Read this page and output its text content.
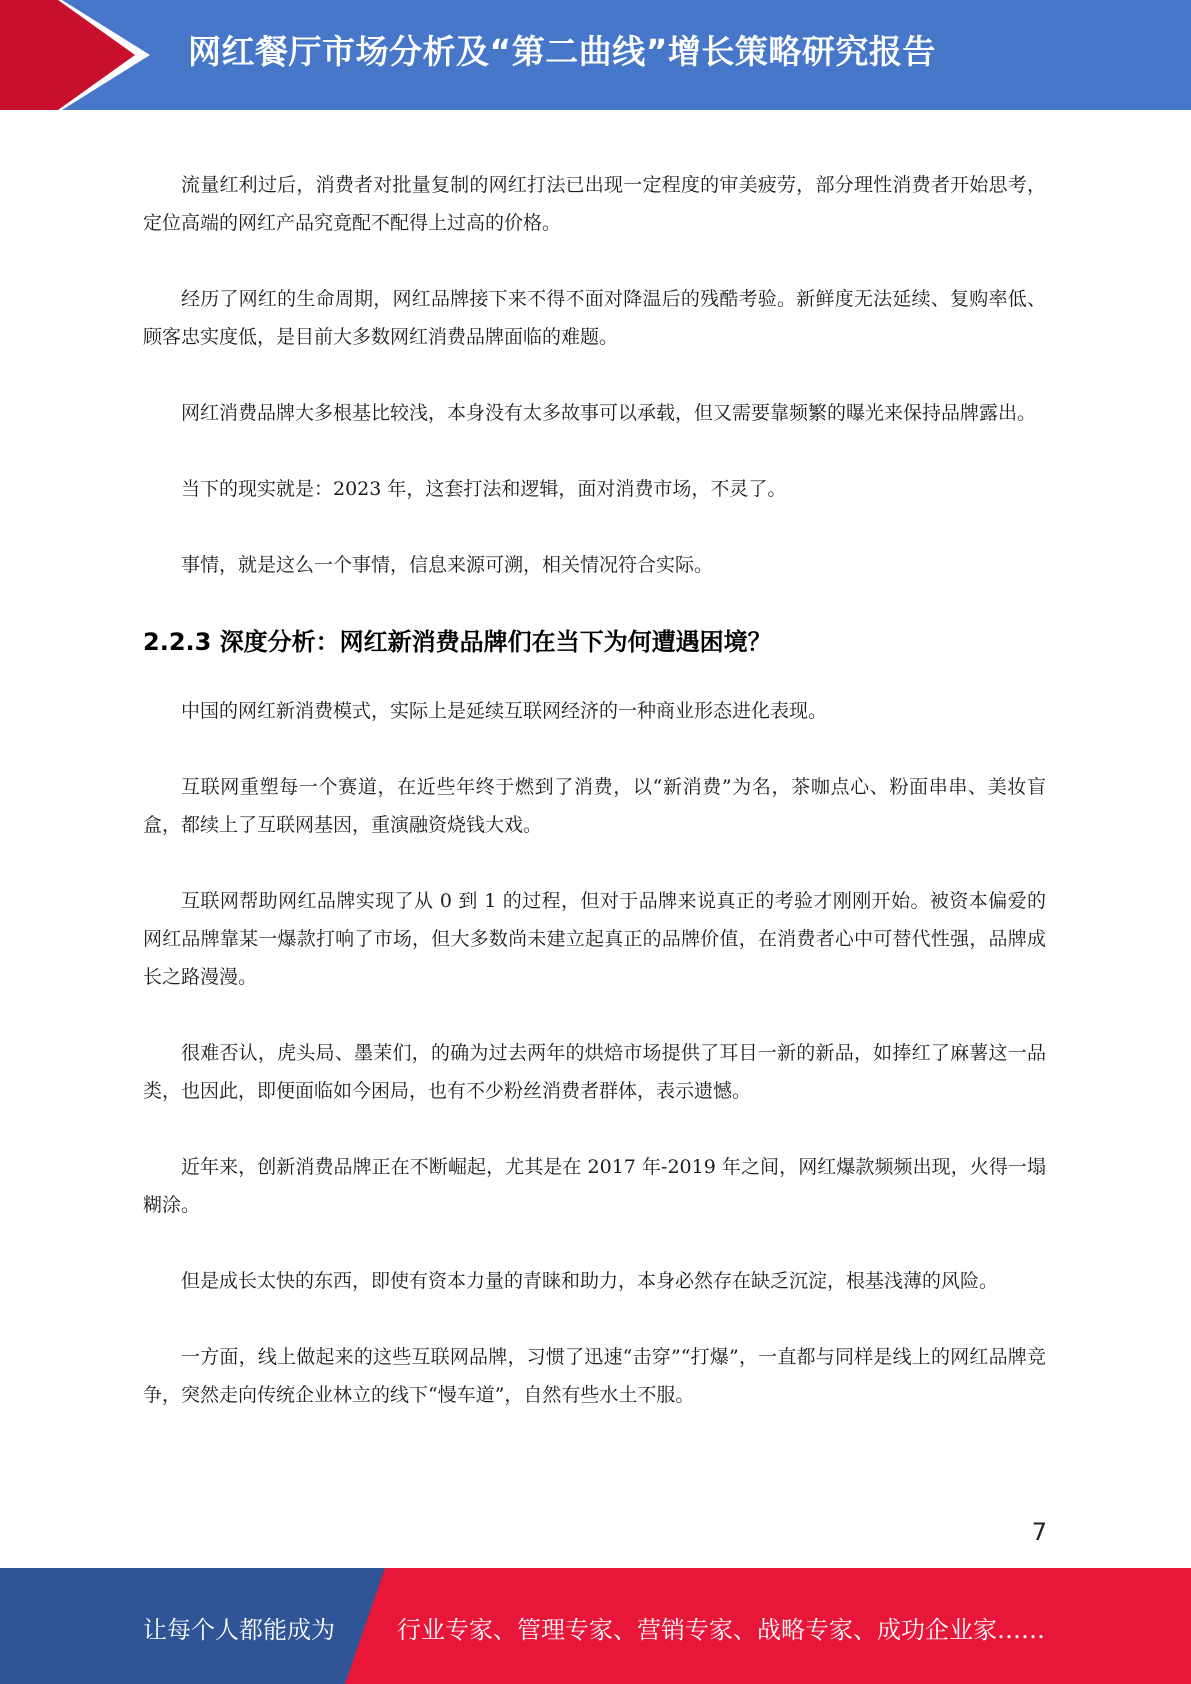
网红餐厅市场分析及“第二曲线”增长策略研究报告

流量红利过后，消费者对批量复制的网红打法已出现一定程度的审美疲劳，部分理性消费者开始思考，定位高端的网红产品究竟配不配得上过高的价格。

经历了网红的生命周期，网红品牌接下来不得不面对降温后的残酷考验。新鲜度无法延续、复购率低、顾客忠实度低，是目前大多数网红消费品牌面临的难题。

网红消费品牌大多根基比较浅，本身没有太多故事可以承载，但又需要靠频繁的曝光来保持品牌露出。

当下的现实就是：2023 年，这套打法和逻辑，面对消费市场，不灵了。

事情，就是这么一个事情，信息来源可溯，相关情况符合实际。

2.2.3 深度分析：网红新消费品牌们在当下为何遭遇困境？

中国的网红新消费模式，实际上是延续互联网经济的一种商业形态进化表现。

互联网重塑每一个赛道，在近些年终于燃到了消费，以“新消费”为名，茶咖点心、粉面串串、美妆盲盒，都续上了互联网基因，重演融资烧钱大戏。

互联网帮助网红品牌实现了从 0 到 1 的过程，但对于品牌来说真正的考验才刚刚开始。被资本偏爱的网红品牌靠某一爆款打响了市场，但大多数尚未建立起真正的品牌价值，在消费者心中可替代性强，品牌成长之路漫漫。

很难否认，虎头局、墨茉们，的确为过去两年的烘焙市场提供了耳目一新的新品，如捧红了麻薯这一品类，也因此，即便面临如今困局，也有不少粉丝消费者群体，表示遗憾。

近年来，创新消费品牌正在不断崛起，尤其是在 2017 年-2019 年之间，网红爆款频频出现，火得一塌糊涂。

但是成长太快的东西，即使有资本力量的青睐和助力，本身必然存在缺乏沉淀，根基浅薄的风险。

一方面，线上做起来的这些互联网品牌，习惯了迅速“击穿”“打爆”，一直都与同样是线上的网红品牌竞争，突然走向传统企业林立的线下“慢车道”，自然有些水土不服。

7
让每个人都能成为	行业专家、管理专家、营销专家、战略专家、成功企业家……
